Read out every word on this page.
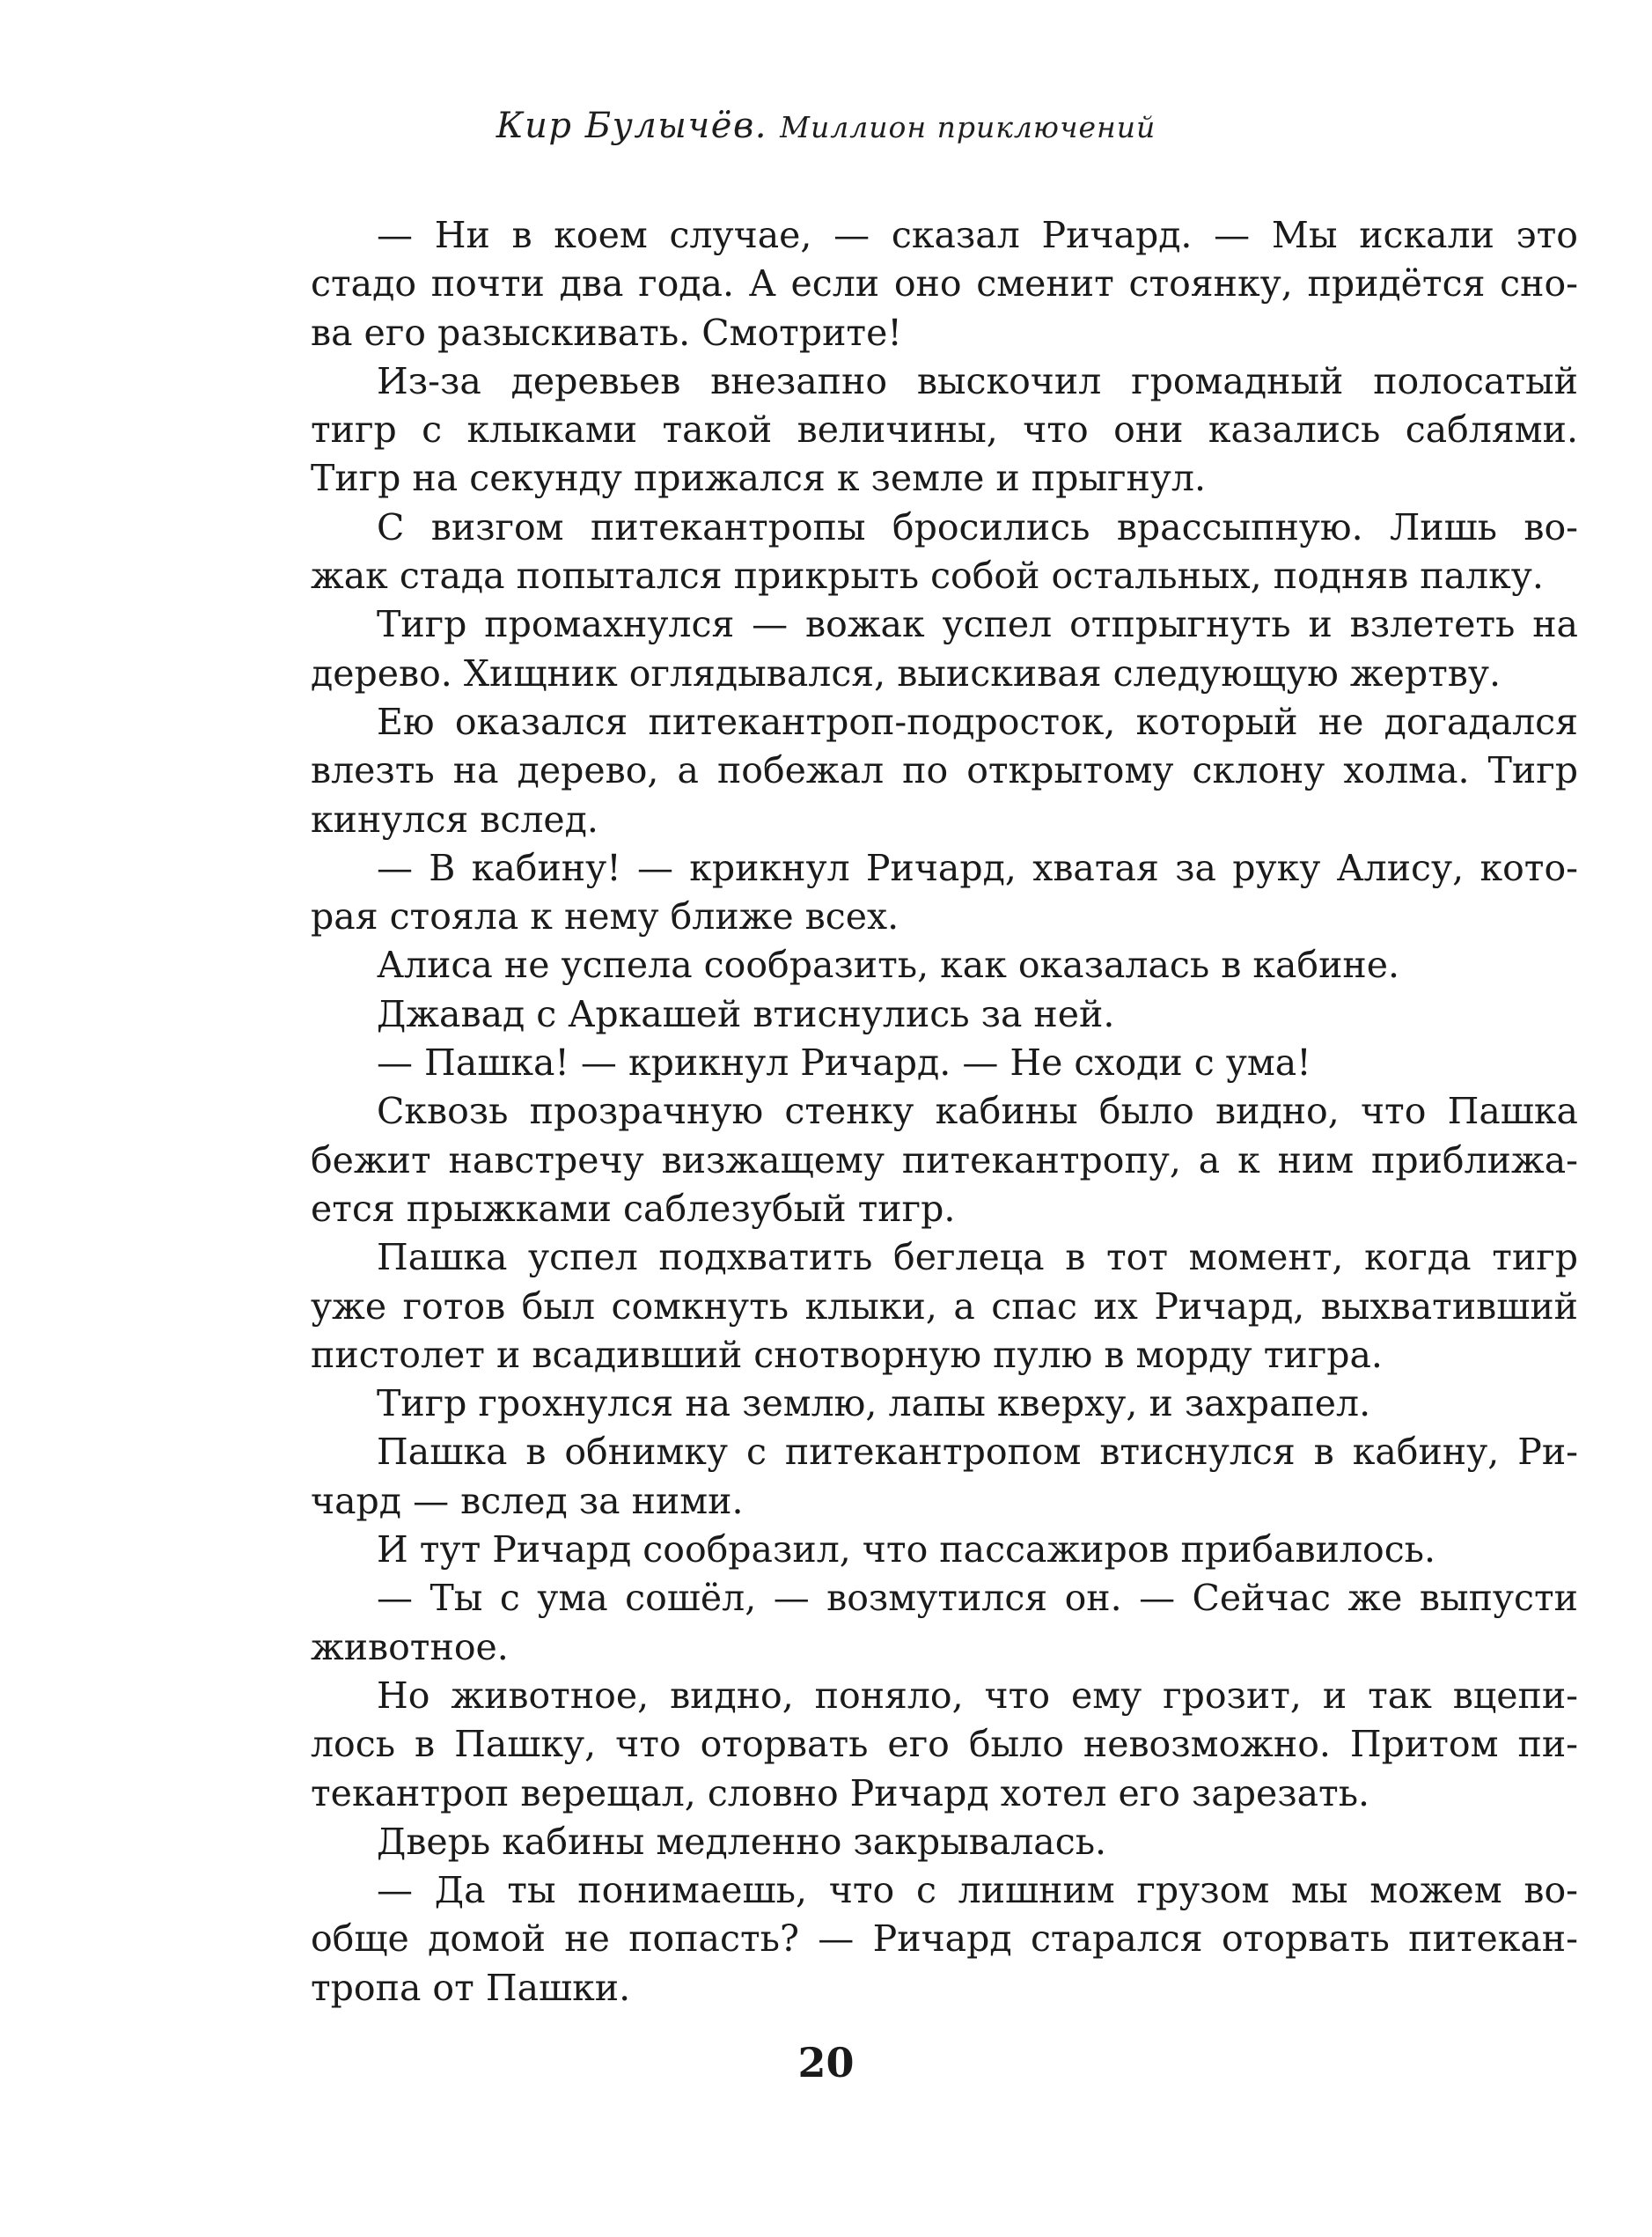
Кир Булычёв. Миллион приключений
— Ни в коем случае, — сказал Ричард. — Мы искали это
стадо почти два года. А если оно сменит стоянку, придётся сно-
ва его разыскивать. Смотрите!
Из-за деревьев внезапно выскочил громадный полосатый
тигр с клыками такой величины, что они казались саблями.
Тигр на секунду прижался к земле и прыгнул.
С визгом питекантропы бросились врассыпную. Лишь во-
жак стада попытался прикрыть собой остальных, подняв палку.
Тигр промахнулся — вожак успел отпрыгнуть и взлететь на
дерево. Хищник оглядывался, выискивая следующую жертву.
Ею оказался питекантроп-подросток, который не догадался
влезть на дерево, а побежал по открытому склону холма. Тигр
кинулся вслед.
— В кабину! — крикнул Ричард, хватая за руку Алису, кото-
рая стояла к нему ближе всех.
Алиса не успела сообразить, как оказалась в кабине.
Джавад с Аркашей втиснулись за ней.
— Пашка! — крикнул Ричард. — Не сходи с ума!
Сквозь прозрачную стенку кабины было видно, что Пашка
бежит навстречу визжащему питекантропу, а к ним приближа-
ется прыжками саблезубый тигр.
Пашка успел подхватить беглеца в тот момент, когда тигр
уже готов был сомкнуть клыки, а спас их Ричард, выхвативший
пистолет и всадивший снотворную пулю в морду тигра.
Тигр грохнулся на землю, лапы кверху, и захрапел.
Пашка в обнимку с питекантропом втиснулся в кабину, Ри-
чард — вслед за ними.
И тут Ричард сообразил, что пассажиров прибавилось.
— Ты с ума сошёл, — возмутился он. — Сейчас же выпусти
животное.
Но животное, видно, поняло, что ему грозит, и так вцепи-
лось в Пашку, что оторвать его было невозможно. Притом пи-
текантроп верещал, словно Ричард хотел его зарезать.
Дверь кабины медленно закрывалась.
— Да ты понимаешь, что с лишним грузом мы можем во-
обще домой не попасть? — Ричард старался оторвать питекан-
тропа от Пашки.
20
